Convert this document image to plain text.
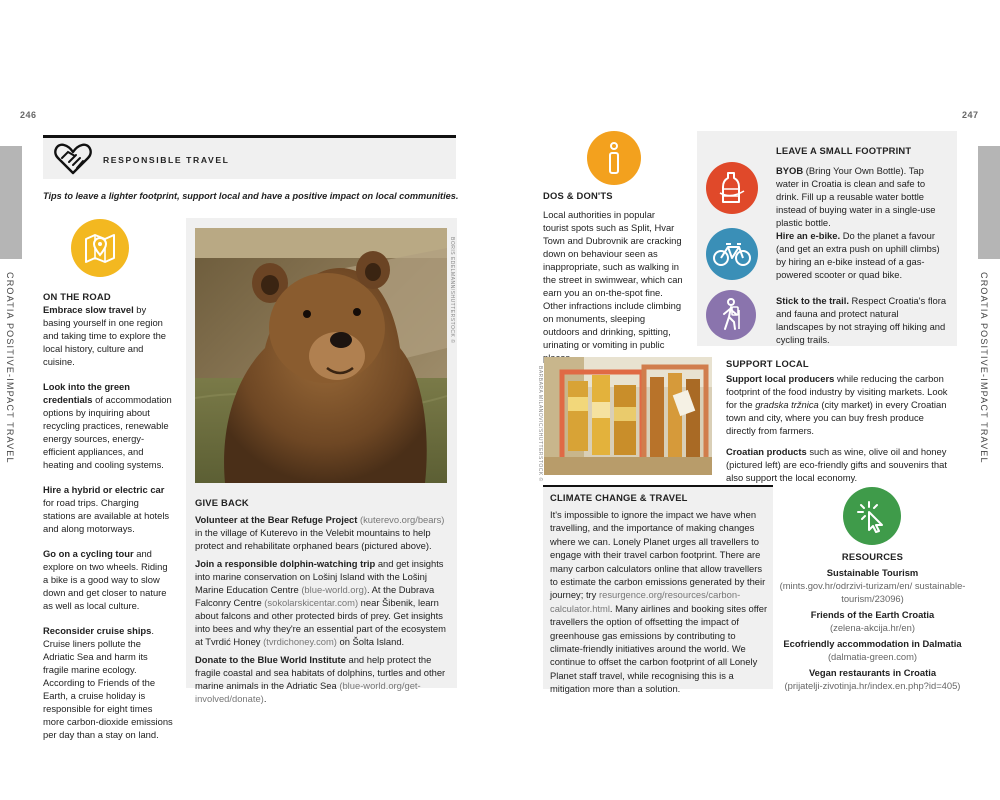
246	247
CROATIA POSITIVE-IMPACT TRAVEL	CROATIA POSITIVE-IMPACT TRAVEL
RESPONSIBLE TRAVEL

Tips to leave a lighter footprint, support local and have a positive impact on local communities.

ON THE ROAD

Embrace slow travel by basing yourself in one region and taking time to explore the local history, culture and cuisine.

Look into the green credentials of accommodation options by inquiring about recycling practices, renewable energy sources, energy-efficient appliances, and heating and cooling systems.

Hire a hybrid or electric car for road trips. Charging stations are available at hotels and along motorways.

Go on a cycling tour and explore on two wheels. Riding a bike is a good way to slow down and get closer to nature as well as local culture.

Reconsider cruise ships. Cruise liners pollute the Adriatic Sea and harm its fragile marine ecology. According to Friends of the Earth, a cruise holiday is responsible for eight times more carbon-dioxide emissions per day than a stay on land.

BORIS EDELMANN/SHUTTERSTOCK ©
GIVE BACK

Volunteer at the Bear Refuge Project (kuterevo.org/bears) in the village of Kuterevo in the Velebit mountains to help protect and rehabilitate orphaned bears (pictured above).

Join a responsible dolphin-watching trip and get insights into marine conservation on Lošinj Island with the Lošinj Marine Education Centre (blue-world.org). At the Dubrava Falconry Centre (sokolarskicentar.com) near Šibenik, learn about falcons and other protected birds of prey. Get insights into bees and why they're an essential part of the ecosystem at Tvrdić Honey (tvrdichoney.com) on Šolta Island.

Donate to the Blue World Institute and help protect the fragile coastal and sea habitats of dolphins, turtles and other marine animals in the Adriatic Sea (blue-world.org/get-involved/donate).

DOS & DON'TS

Local authorities in popular tourist spots such as Split, Hvar Town and Dubrovnik are cracking down on behaviour seen as inappropriate, such as walking in the street in swimwear, which can earn you an on-the-spot fine. Other infractions include climbing on monuments, sleeping outdoors and drinking, spitting, urinating or vomiting in public

LEAVE A SMALL FOOTPRINT

BYOB (Bring Your Own Bottle). Tap water in Croatia is clean and safe to drink. Fill up a reusable water bottle instead of buying water in a single-use plastic bottle.

Hire an e-bike. Do the planet a favour (and get an extra push on uphill climbs) by hiring an e-bike instead of a gas-powered scooter or quad bike.

Stick to the trail. Respect Croatia's flora and fauna and protect natural landscapes by not straying off hiking and cycling trails.

BARBARA MILANOVIC/SHUTTERSTOCK ©
SUPPORT LOCAL

Support local producers while reducing the carbon footprint of the food industry by visiting markets. Look for the gradska tržnica (city market) in every Croatian town and city, where you can buy fresh produce directly from farmers.

Croatian products such as wine, olive oil and honey (pictured left) are eco-friendly gifts and souvenirs that also support the local economy.

CLIMATE CHANGE & TRAVEL

It's impossible to ignore the impact we have when travelling, and the importance of making changes where we can. Lonely Planet urges all travellers to engage with their travel carbon footprint. There are many carbon calculators online that allow travellers to estimate the carbon emissions generated by their journey; try resurgence.org/resources/carbon-calculator.html. Many airlines and booking sites offer travellers the option of offsetting the impact of greenhouse gas emissions by contributing to climate-friendly initiatives around the world. We continue to offset the carbon footprint of all Lonely Planet staff travel, while recognising this is a mitigation more than a solution.

RESOURCES

Sustainable Tourism

(mints.gov.hr/odrzivi-turizam/en/ sustainable-tourism/23096)

Friends of the Earth Croatia

(zelena-akcija.hr/en)

Ecofriendly accommodation in Dalmatia

(dalmatia-green.com)

Vegan restaurants in Croatia

(prijatelji-zivotinja.hr/index.en.php?id=405)
